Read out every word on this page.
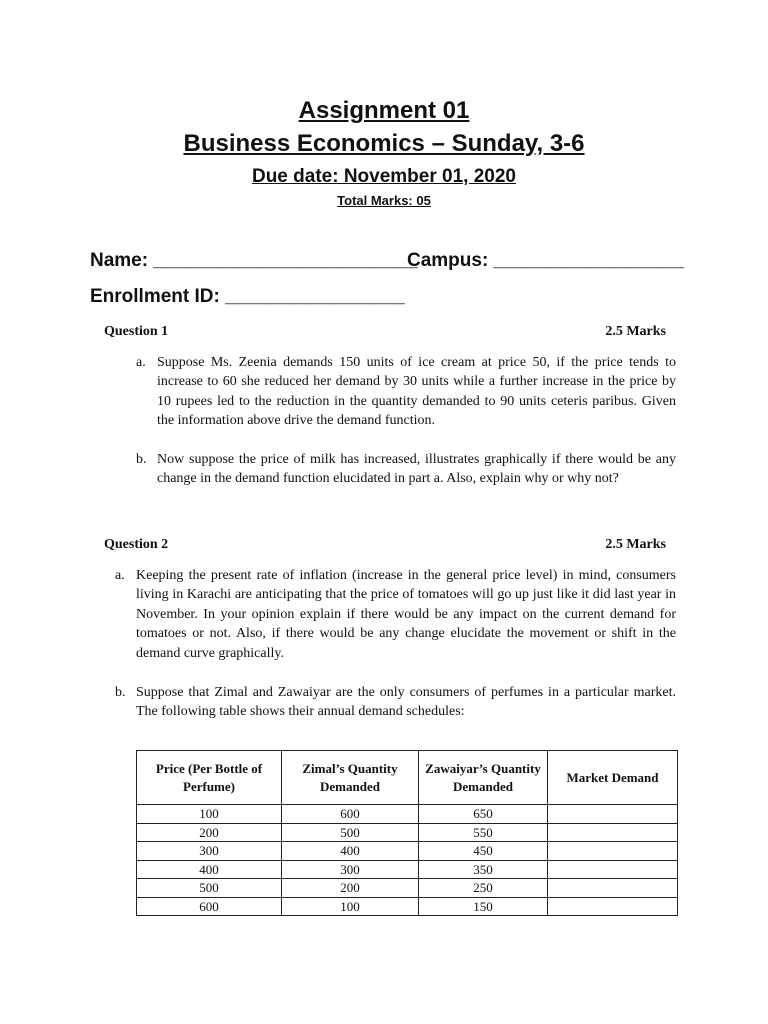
Assignment 01

Business Economics – Sunday, 3-6

Due date: November 01, 2020

Total Marks: 05

Name: _________________________
Campus: __________________
Enrollment ID: _________________
Question 1	2.5 Marks
a. Suppose Ms. Zeenia demands 150 units of ice cream at price 50, if the price tends to increase to 60 she reduced her demand by 30 units while a further increase in the price by 10 rupees led to the reduction in the quantity demanded to 90 units ceteris paribus. Given the information above drive the demand function.
b. Now suppose the price of milk has increased, illustrates graphically if there would be any change in the demand function elucidated in part a. Also, explain why or why not?
Question 2	2.5 Marks
a. Keeping the present rate of inflation (increase in the general price level) in mind, consumers living in Karachi are anticipating that the price of tomatoes will go up just like it did last year in November. In your opinion explain if there would be any impact on the current demand for tomatoes or not. Also, if there would be any change elucidate the movement or shift in the demand curve graphically.
b. Suppose that Zimal and Zawaiyar are the only consumers of perfumes in a particular market. The following table shows their annual demand schedules:
Price (Per Bottle of Perfume)	Zimal’s Quantity Demanded	Zawaiyar’s Quantity Demanded	Market Demand
100	600	650	
200	500	550	
300	400	450	
400	300	350	
500	200	250	
600	100	150	
